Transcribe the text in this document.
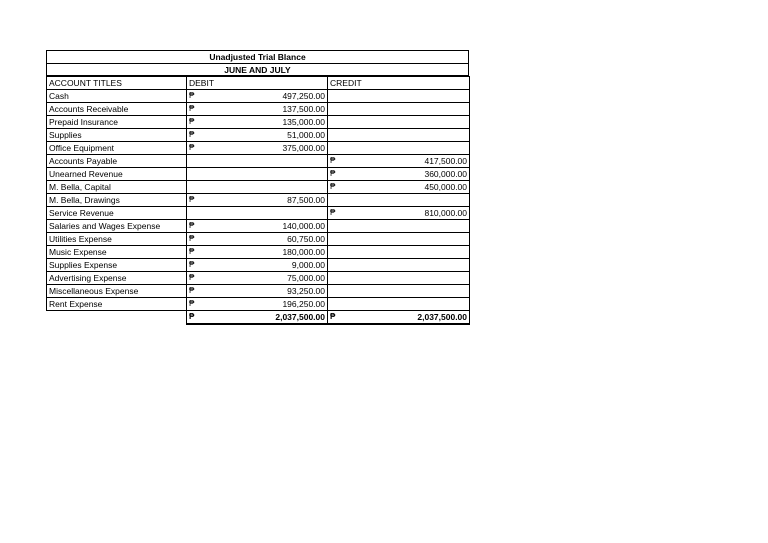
Unadjusted Trial Blance
JUNE AND JULY
ACCOUNT TITLES	DEBIT		CREDIT	
Cash	₱	497,250.00		
Accounts Receivable	₱	137,500.00		
Prepaid Insurance	₱	135,000.00		
Supplies	₱	51,000.00		
Office Equipment	₱	375,000.00		
Accounts Payable			₱	417,500.00
Unearned Revenue			₱	360,000.00
M. Bella, Capital			₱	450,000.00
M. Bella, Drawings	₱	87,500.00		
Service Revenue			₱	810,000.00
Salaries and Wages Expense	₱	140,000.00		
Utilities Expense	₱	60,750.00		
Music Expense	₱	180,000.00		
Supplies Expense	₱	9,000.00		
Advertising Expense	₱	75,000.00		
Miscellaneous Expense	₱	93,250.00		
Rent Expense	₱	196,250.00		
	₱	2,037,500.00	₱	2,037,500.00
